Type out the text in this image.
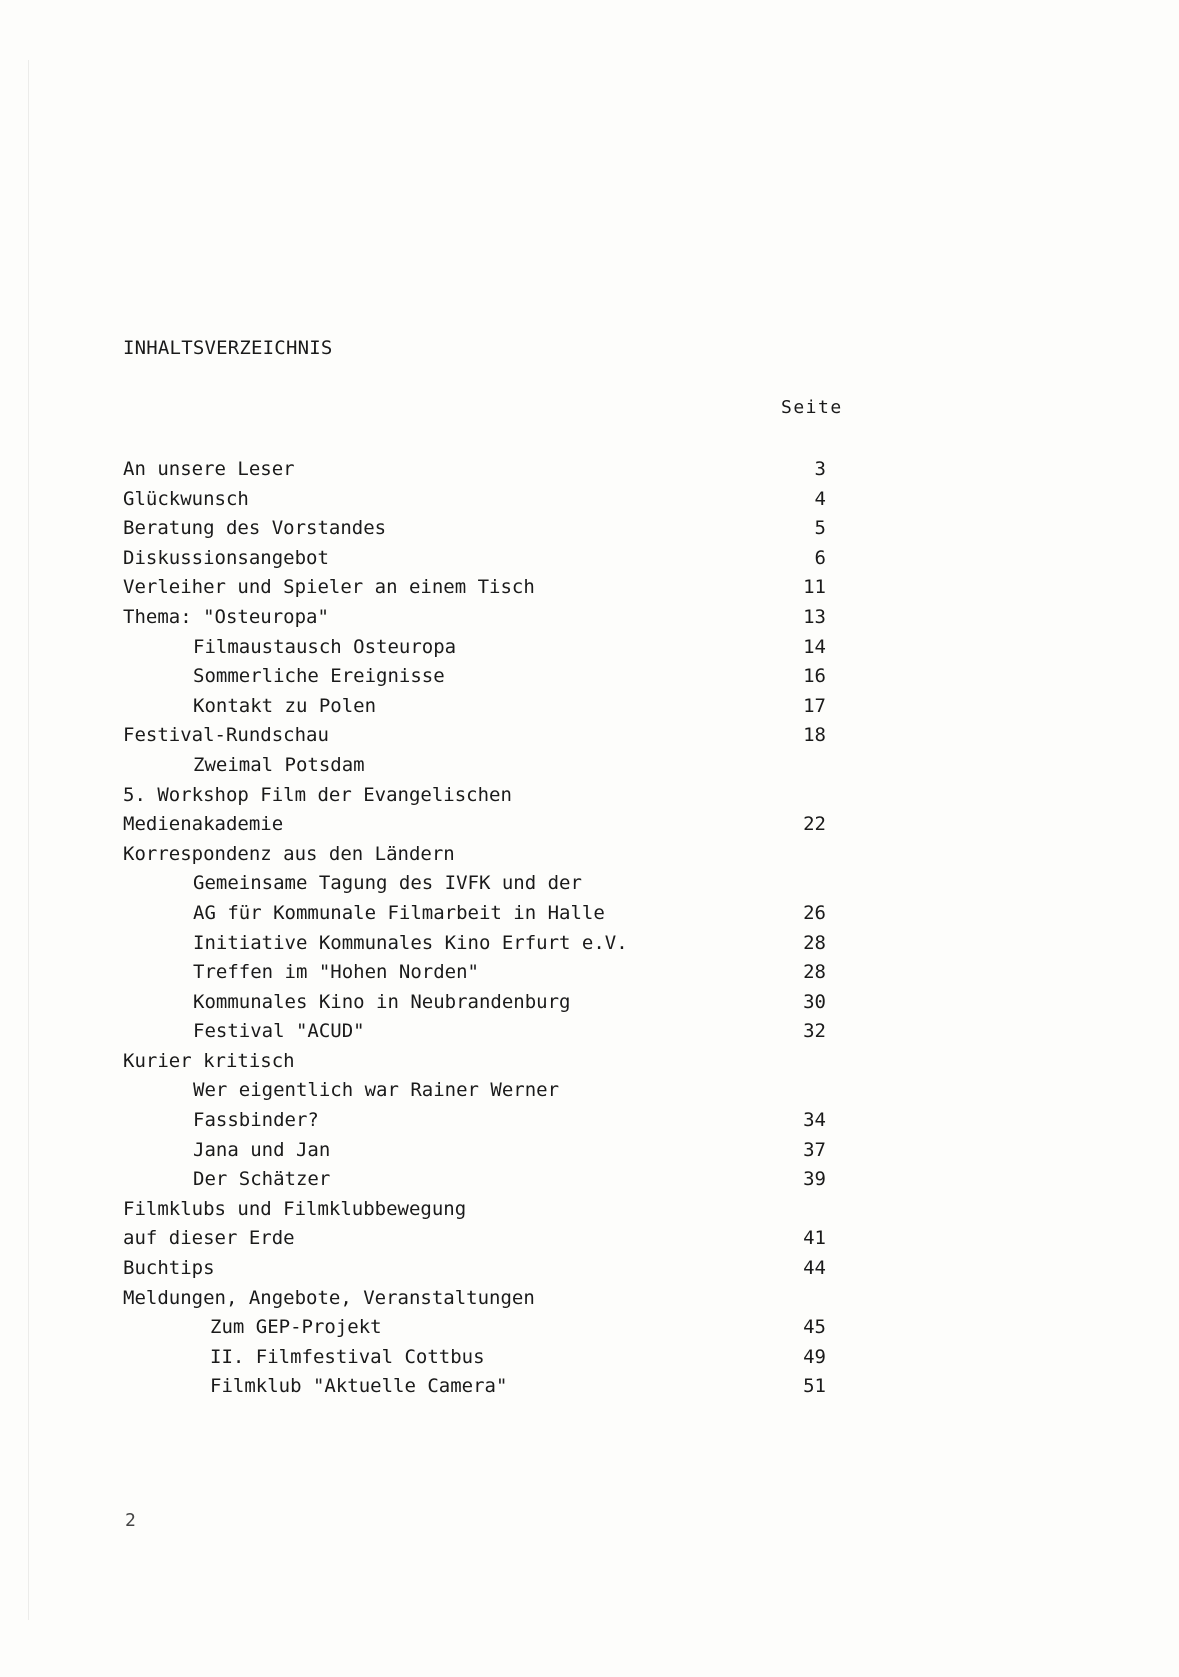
INHALTSVERZEICHNIS
Seite
An unsere Leser	3
Glückwunsch	4
Beratung des Vorstandes	5
Diskussionsangebot	6
Verleiher und Spieler an einem Tisch	11
Thema: "Osteuropa"	13
Filmaustausch Osteuropa	14
Sommerliche Ereignisse	16
Kontakt zu Polen	17
Festival-Rundschau	18
Zweimal Potsdam
5. Workshop Film der Evangelischen
Medienakademie	22
Korrespondenz aus den Ländern
Gemeinsame Tagung des IVFK und der
AG für Kommunale Filmarbeit in Halle	26
Initiative Kommunales Kino Erfurt e.V.	28
Treffen im "Hohen Norden"	28
Kommunales Kino in Neubrandenburg	30
Festival "ACUD"	32
Kurier kritisch
Wer eigentlich war Rainer Werner
Fassbinder?	34
Jana und Jan	37
Der Schätzer	39
Filmklubs und Filmklubbewegung
auf dieser Erde	41
Buchtips	44
Meldungen, Angebote, Veranstaltungen
Zum GEP-Projekt	45
II. Filmfestival Cottbus	49
Filmklub "Aktuelle Camera"	51
2
